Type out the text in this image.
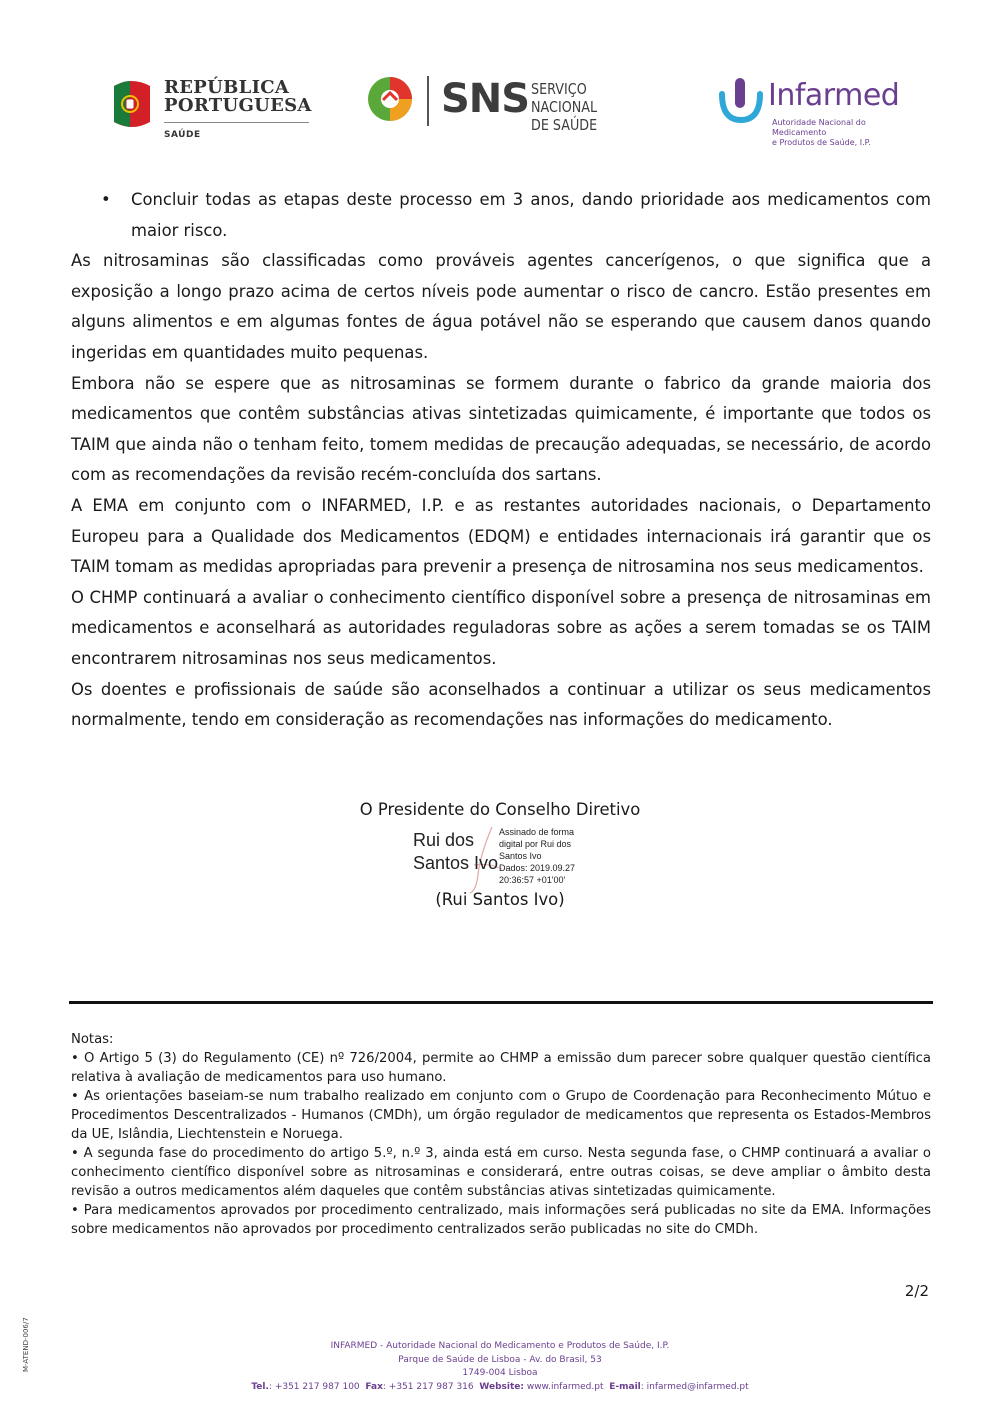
REPÚBLICA
PORTUGUESA
SAÚDE
SNS SERVIÇO NACIONAL
DE SAÚDE
Infarmed
Autoridade Nacional do Medicamento
e Produtos de Saúde, I.P.

• Concluir todas as etapas deste processo em 3 anos, dando prioridade aos medicamentos com maior risco.

As nitrosaminas são classificadas como prováveis agentes cancerígenos, o que significa que a exposição a longo prazo acima de certos níveis pode aumentar o risco de cancro. Estão presentes em alguns alimentos e em algumas fontes de água potável não se esperando que causem danos quando ingeridas em quantidades muito pequenas.

Embora não se espere que as nitrosaminas se formem durante o fabrico da grande maioria dos medicamentos que contêm substâncias ativas sintetizadas quimicamente, é importante que todos os TAIM que ainda não o tenham feito, tomem medidas de precaução adequadas, se necessário, de acordo com as recomendações da revisão recém-concluída dos sartans.

A EMA em conjunto com o INFARMED, I.P. e as restantes autoridades nacionais, o Departamento Europeu para a Qualidade dos Medicamentos (EDQM) e entidades internacionais irá garantir que os TAIM tomam as medidas apropriadas para prevenir a presença de nitrosamina nos seus medicamentos.

O CHMP continuará a avaliar o conhecimento científico disponível sobre a presença de nitrosaminas em medicamentos e aconselhará as autoridades reguladoras sobre as ações a serem tomadas se os TAIM encontrarem nitrosaminas nos seus medicamentos.

Os doentes e profissionais de saúde são aconselhados a continuar a utilizar os seus medicamentos normalmente, tendo em consideração as recomendações nas informações do medicamento.

O Presidente do Conselho Diretivo
Rui dos
Santos Ivo
Assinado de forma
digital por Rui dos
Santos Ivo
Dados: 2019.09.27
20:36:57 +01'00'
(Rui Santos Ivo)

Notas:

• O Artigo 5 (3) do Regulamento (CE) nº 726/2004, permite ao CHMP a emissão dum parecer sobre qualquer questão científica relativa à avaliação de medicamentos para uso humano.

• As orientações baseiam-se num trabalho realizado em conjunto com o Grupo de Coordenação para Reconhecimento Mútuo e Procedimentos Descentralizados - Humanos (CMDh), um órgão regulador de medicamentos que representa os Estados-Membros da UE, Islândia, Liechtenstein e Noruega.

• A segunda fase do procedimento do artigo 5.º, n.º 3, ainda está em curso. Nesta segunda fase, o CHMP continuará a avaliar o conhecimento científico disponível sobre as nitrosaminas e considerará, entre outras coisas, se deve ampliar o âmbito desta revisão a outros medicamentos além daqueles que contêm substâncias ativas sintetizadas quimicamente.

• Para medicamentos aprovados por procedimento centralizado, mais informações será publicadas no site da EMA. Informações sobre medicamentos não aprovados por procedimento centralizados serão publicadas no site do CMDh.

2/2
M-ATEND-006/7	INFARMED - Autoridade Nacional do Medicamento e Produtos de Saúde, I.P.
Parque de Saúde de Lisboa - Av. do Brasil, 53
1749-004 Lisboa
Tel.: +351 217 987 100 Fax: +351 217 987 316 Website: www.infarmed.pt E-mail: infarmed@infarmed.pt
